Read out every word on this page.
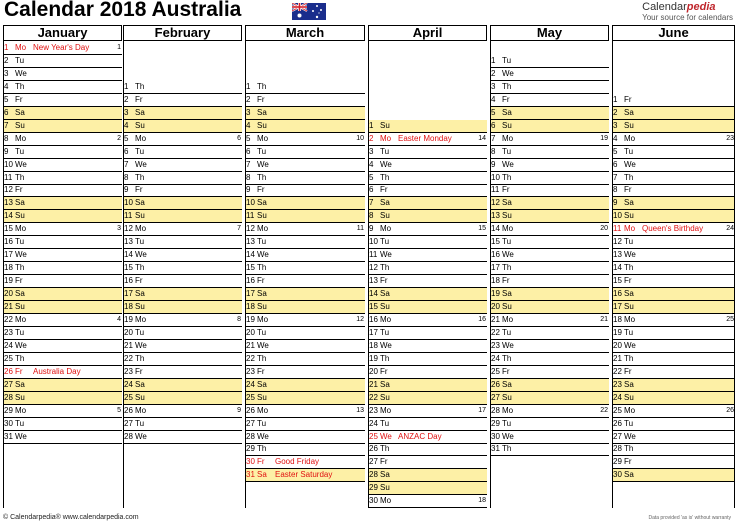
Calendar 2018 Australia	Calendarpedia
Your source for calendars
January
1 Mo New Year's Day	1
2 Tu
3 We
4 Th
5 Fr
6 Sa
7 Su
8 Mo	2
9 Tu
10 We
11 Th
12 Fr
13 Sa
14 Su
15 Mo	3
16 Tu
17 We
18 Th
19 Fr
20 Sa
21 Su
22 Mo	4
23 Tu
24 We
25 Th
26 Fr Australia Day
27 Sa
28 Su
29 Mo	5
30 Tu
31 We
February
1 Th
2 Fr
3 Sa
4 Su
5 Mo	6
6 Tu
7 We
8 Th
9 Fr
10 Sa
11 Su
12 Mo	7
13 Tu
14 We
15 Th
16 Fr
17 Sa
18 Su
19 Mo	8
20 Tu
21 We
22 Th
23 Fr
24 Sa
25 Su
26 Mo	9
27 Tu
28 We
March
1 Th
2 Fr
3 Sa
4 Su
5 Mo	10
6 Tu
7 We
8 Th
9 Fr
10 Sa
11 Su
12 Mo	11
13 Tu
14 We
15 Th
16 Fr
17 Sa
18 Su
19 Mo	12
20 Tu
21 We
22 Th
23 Fr
24 Sa
25 Su
26 Mo	13
27 Tu
28 We
29 Th
30 Fr Good Friday
31 Sa Easter Saturday
April
1 Su
2 Mo Easter Monday	14
3 Tu
4 We
5 Th
6 Fr
7 Sa
8 Su
9 Mo	15
10 Tu
11 We
12 Th
13 Fr
14 Sa
15 Su
16 Mo	16
17 Tu
18 We
19 Th
20 Fr
21 Sa
22 Su
23 Mo	17
24 Tu
25 We ANZAC Day
26 Th
27 Fr
28 Sa
29 Su
30 Mo	18
May
1 Tu
2 We
3 Th
4 Fr
5 Sa
6 Su
7 Mo	19
8 Tu
9 We
10 Th
11 Fr
12 Sa
13 Su
14 Mo	20
15 Tu
16 We
17 Th
18 Fr
19 Sa
20 Su
21 Mo	21
22 Tu
23 We
24 Th
25 Fr
26 Sa
27 Su
28 Mo	22
29 Tu
30 We
31 Th
June
1 Fr
2 Sa
3 Su
4 Mo	23
5 Tu
6 We
7 Th
8 Fr
9 Sa
10 Su
11 Mo Queen's Birthday	24
12 Tu
13 We
14 Th
15 Fr
16 Sa
17 Su
18 Mo	25
19 Tu
20 We
21 Th
22 Fr
23 Sa
24 Su
25 Mo	26
26 Tu
27 We
28 Th
29 Fr
30 Sa
© Calendarpedia® www.calendarpedia.com	Data provided 'as is' without warranty
